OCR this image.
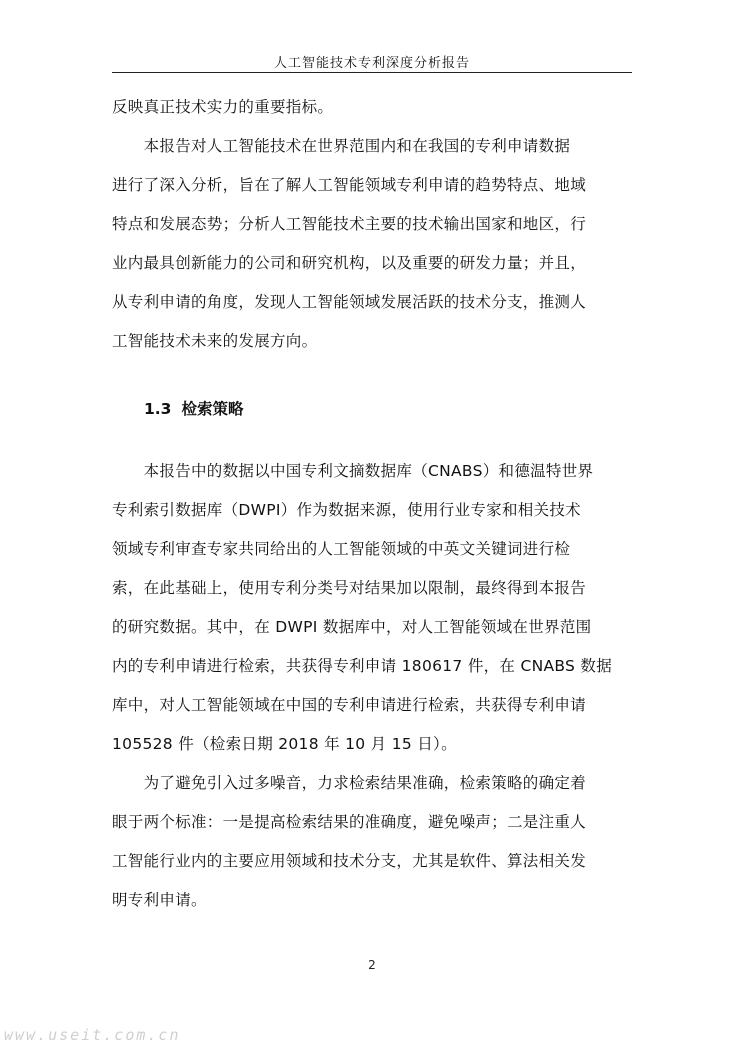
人工智能技术专利深度分析报告

反映真正技术实力的重要指标。

　　本报告对人工智能技术在世界范围内和在我国的专利申请数据
进行了深入分析，旨在了解人工智能领域专利申请的趋势特点、地域
特点和发展态势；分析人工智能技术主要的技术输出国家和地区，行
业内最具创新能力的公司和研究机构，以及重要的研发力量；并且，
从专利申请的角度，发现人工智能领域发展活跃的技术分支，推测人
工智能技术未来的发展方向。

1.3 检索策略

　　本报告中的数据以中国专利文摘数据库（CNABS）和德温特世界
专利索引数据库（DWPI）作为数据来源，使用行业专家和相关技术
领域专利审查专家共同给出的人工智能领域的中英文关键词进行检
索，在此基础上，使用专利分类号对结果加以限制，最终得到本报告
的研究数据。其中，在 DWPI 数据库中，对人工智能领域在世界范围
内的专利申请进行检索，共获得专利申请 180617 件，在 CNABS 数据
库中，对人工智能领域在中国的专利申请进行检索，共获得专利申请
105528 件（检索日期 2018 年 10 月 15 日）。

　　为了避免引入过多噪音，力求检索结果准确，检索策略的确定着
眼于两个标准：一是提高检索结果的准确度，避免噪声；二是注重人
工智能行业内的主要应用领域和技术分支，尤其是软件、算法相关发
明专利申请。

2
www.useit.com.cn
